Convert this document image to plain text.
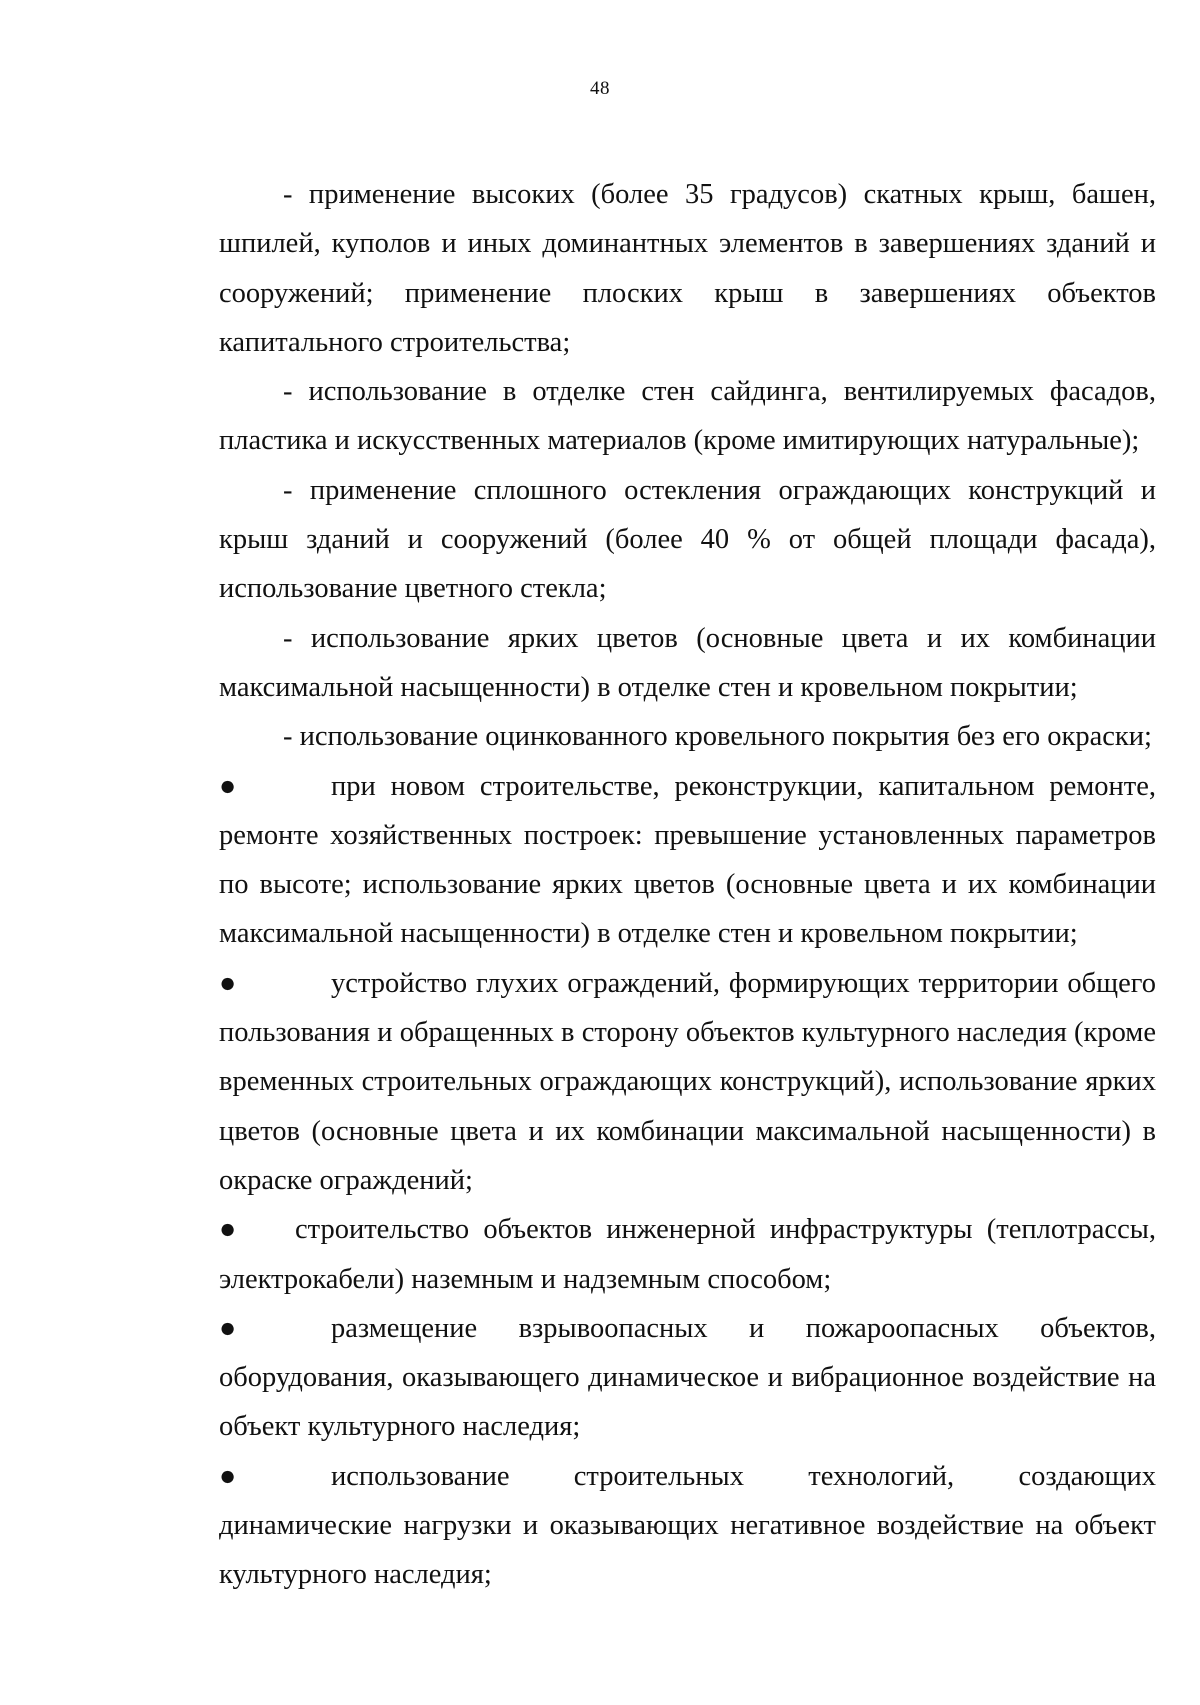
48

- применение высоких (более 35 градусов) скатных крыш, башен, шпилей, куполов и иных доминантных элементов в завершениях зданий и сооружений; применение плоских крыш в завершениях объектов капитального строительства;

- использование в отделке стен сайдинга, вентилируемых фасадов, пластика и искусственных материалов (кроме имитирующих натуральные);

- применение сплошного остекления ограждающих конструкций и крыш зданий и сооружений (более 40 % от общей площади фасада), использование цветного стекла;

- использование ярких цветов (основные цвета и их комбинации максимальной насыщенности) в отделке стен и кровельном покрытии;

- использование оцинкованного кровельного покрытия без его окраски;

●	при новом строительстве, реконструкции, капитальном ремонте, ремонте хозяйственных построек: превышение установленных параметров по высоте; использование ярких цветов (основные цвета и их комбинации максимальной насыщенности) в отделке стен и кровельном покрытии;

●	устройство глухих ограждений, формирующих территории общего пользования и обращенных в сторону объектов культурного наследия (кроме временных строительных ограждающих конструкций), использование ярких цветов (основные цвета и их комбинации максимальной насыщенности) в окраске ограждений;

● строительство объектов инженерной инфраструктуры (теплотрассы, электрокабели) наземным и надземным способом;

●	размещение взрывоопасных и пожароопасных объектов, оборудования, оказывающего динамическое и вибрационное воздействие на объект культурного наследия;

●	использование строительных технологий, создающих динамические нагрузки и оказывающих негативное воздействие на объект культурного наследия;
